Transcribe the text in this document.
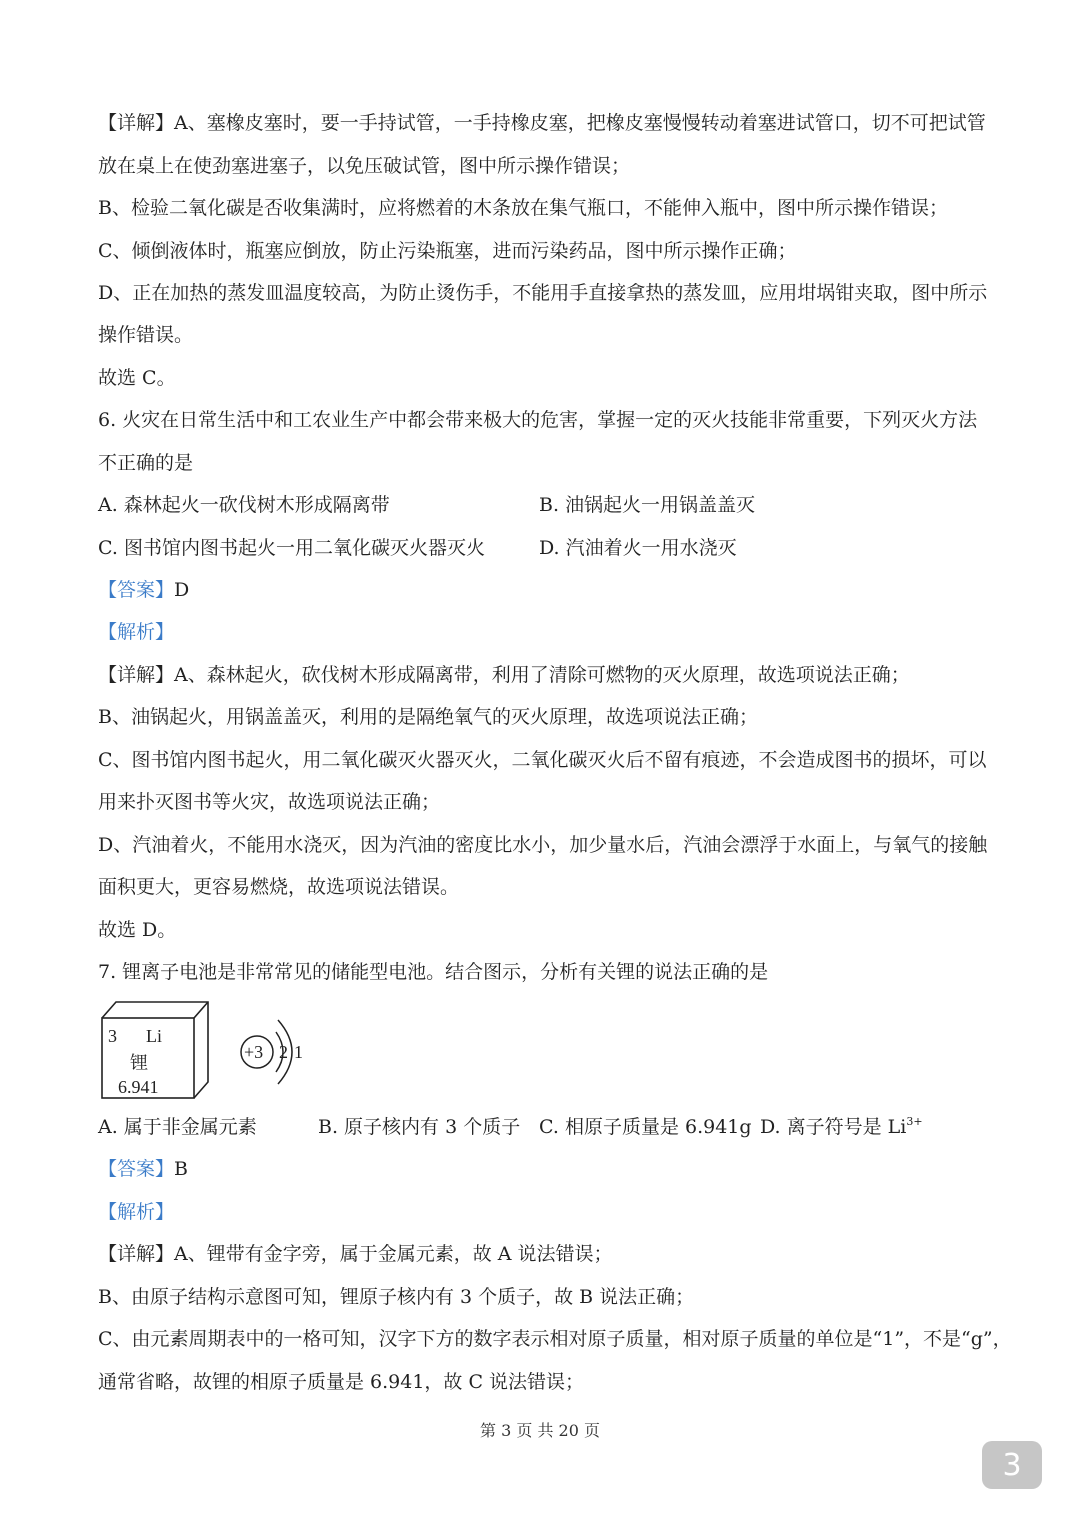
【详解】A、塞橡皮塞时，要一手持试管，一手持橡皮塞，把橡皮塞慢慢转动着塞进试管口，切不可把试管
放在桌上在使劲塞进塞子，以免压破试管，图中所示操作错误；
B、检验二氧化碳是否收集满时，应将燃着的木条放在集气瓶口，不能伸入瓶中，图中所示操作错误；
C、倾倒液体时，瓶塞应倒放，防止污染瓶塞，进而污染药品，图中所示操作正确；
D、正在加热的蒸发皿温度较高，为防止烫伤手，不能用手直接拿热的蒸发皿，应用坩埚钳夹取，图中所示
操作错误。
故选 C。
6. 火灾在日常生活中和工农业生产中都会带来极大的危害，掌握一定的灭火技能非常重要，下列灭火方法
不正确的是
A. 森林起火一砍伐树木形成隔离带	B. 油锅起火一用锅盖盖灭
C. 图书馆内图书起火一用二氧化碳灭火器灭火	D. 汽油着火一用水浇灭
【答案】D
【解析】
【详解】A、森林起火，砍伐树木形成隔离带，利用了清除可燃物的灭火原理，故选项说法正确；
B、油锅起火，用锅盖盖灭，利用的是隔绝氧气的灭火原理，故选项说法正确；
C、图书馆内图书起火，用二氧化碳灭火器灭火，二氧化碳灭火后不留有痕迹，不会造成图书的损坏，可以
用来扑灭图书等火灾，故选项说法正确；
D、汽油着火，不能用水浇灭，因为汽油的密度比水小，加少量水后，汽油会漂浮于水面上，与氧气的接触
面积更大，更容易燃烧，故选项说法错误。
故选 D。
7. 锂离子电池是非常常见的储能型电池。结合图示，分析有关锂的说法正确的是
3 Li
锂
6.941
+3 2 1
A. 属于非金属元素	B. 原子核内有 3 个质子 C. 相原子质量是 6.941g D. 离子符号是 $Li^{3+}$
【答案】B
【解析】
【详解】A、锂带有金字旁，属于金属元素，故 A 说法错误；
B、由原子结构示意图可知，锂原子核内有 3 个质子，故 B 说法正确；
C、由元素周期表中的一格可知，汉字下方的数字表示相对原子质量，相对原子质量的单位是“1”，不是“g”，
通常省略，故锂的相原子质量是 6.941，故 C 说法错误；
第 3 页 共 20 页
3
